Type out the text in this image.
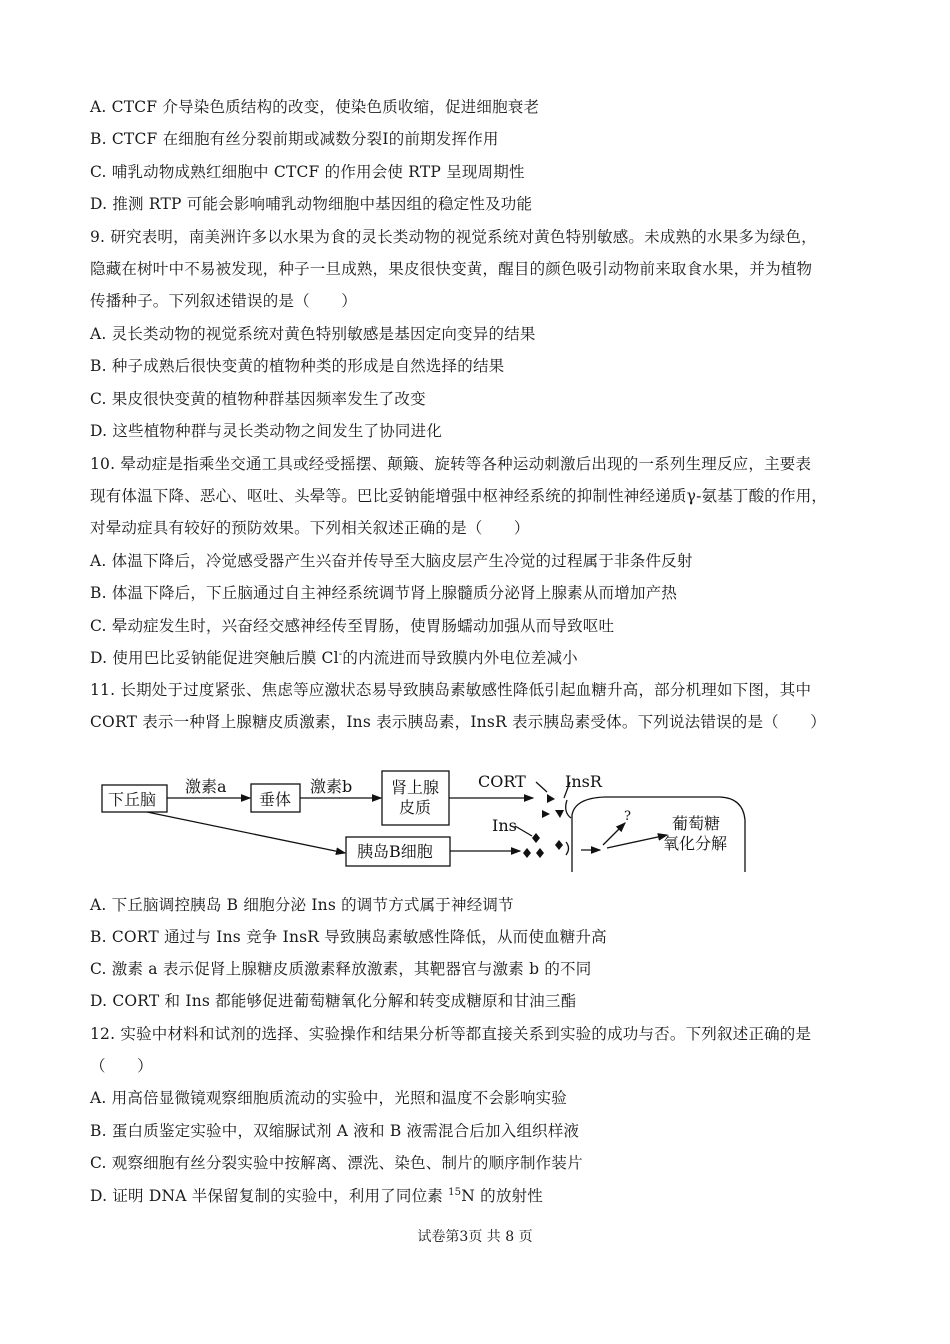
A. CTCF 介导染色质结构的改变，使染色质收缩，促进细胞衰老
B. CTCF 在细胞有丝分裂前期或减数分裂Ⅰ的前期发挥作用
C. 哺乳动物成熟红细胞中 CTCF 的作用会使 RTP 呈现周期性
D. 推测 RTP 可能会影响哺乳动物细胞中基因组的稳定性及功能
9. 研究表明，南美洲许多以水果为食的灵长类动物的视觉系统对黄色特别敏感。未成熟的水果多为绿色，
隐藏在树叶中不易被发现，种子一旦成熟，果皮很快变黄，醒目的颜色吸引动物前来取食水果，并为植物
传播种子。下列叙述错误的是（　　）
A. 灵长类动物的视觉系统对黄色特别敏感是基因定向变异的结果
B. 种子成熟后很快变黄的植物种类的形成是自然选择的结果
C. 果皮很快变黄的植物种群基因频率发生了改变
D. 这些植物种群与灵长类动物之间发生了协同进化
10. 晕动症是指乘坐交通工具或经受摇摆、颠簸、旋转等各种运动刺激后出现的一系列生理反应，主要表
现有体温下降、恶心、呕吐、头晕等。巴比妥钠能增强中枢神经系统的抑制性神经递质γ-氨基丁酸的作用，
对晕动症具有较好的预防效果。下列相关叙述正确的是（　　）
A. 体温下降后，冷觉感受器产生兴奋并传导至大脑皮层产生冷觉的过程属于非条件反射
B. 体温下降后，下丘脑通过自主神经系统调节肾上腺髓质分泌肾上腺素从而增加产热
C. 晕动症发生时，兴奋经交感神经传至胃肠，使胃肠蠕动加强从而导致呕吐
D. 使用巴比妥钠能促进突触后膜 Cl-的内流进而导致膜内外电位差减小
11. 长期处于过度紧张、焦虑等应激状态易导致胰岛素敏感性降低引起血糖升高，部分机理如下图，其中
CORT 表示一种肾上腺糖皮质激素，Ins 表示胰岛素，InsR 表示胰岛素受体。下列说法错误的是（　　）
下丘脑
激素a
垂体
激素b 肾上腺
皮质
CORT InsR
Ins
胰岛B细胞
?	葡萄糖
氧化分解
A. 下丘脑调控胰岛 B 细胞分泌 Ins 的调节方式属于神经调节
B. CORT 通过与 Ins 竞争 InsR 导致胰岛素敏感性降低，从而使血糖升高
C. 激素 a 表示促肾上腺糖皮质激素释放激素，其靶器官与激素 b 的不同
D. CORT 和 Ins 都能够促进葡萄糖氧化分解和转变成糖原和甘油三酯
12. 实验中材料和试剂的选择、实验操作和结果分析等都直接关系到实验的成功与否。下列叙述正确的是
（　　）
A. 用高倍显微镜观察细胞质流动的实验中，光照和温度不会影响实验
B. 蛋白质鉴定实验中，双缩脲试剂 A 液和 B 液需混合后加入组织样液
C. 观察细胞有丝分裂实验中按解离、漂洗、染色、制片的顺序制作装片
D. 证明 DNA 半保留复制的实验中，利用了同位素 $^{15}$N 的放射性
试卷第3页 共 8 页
